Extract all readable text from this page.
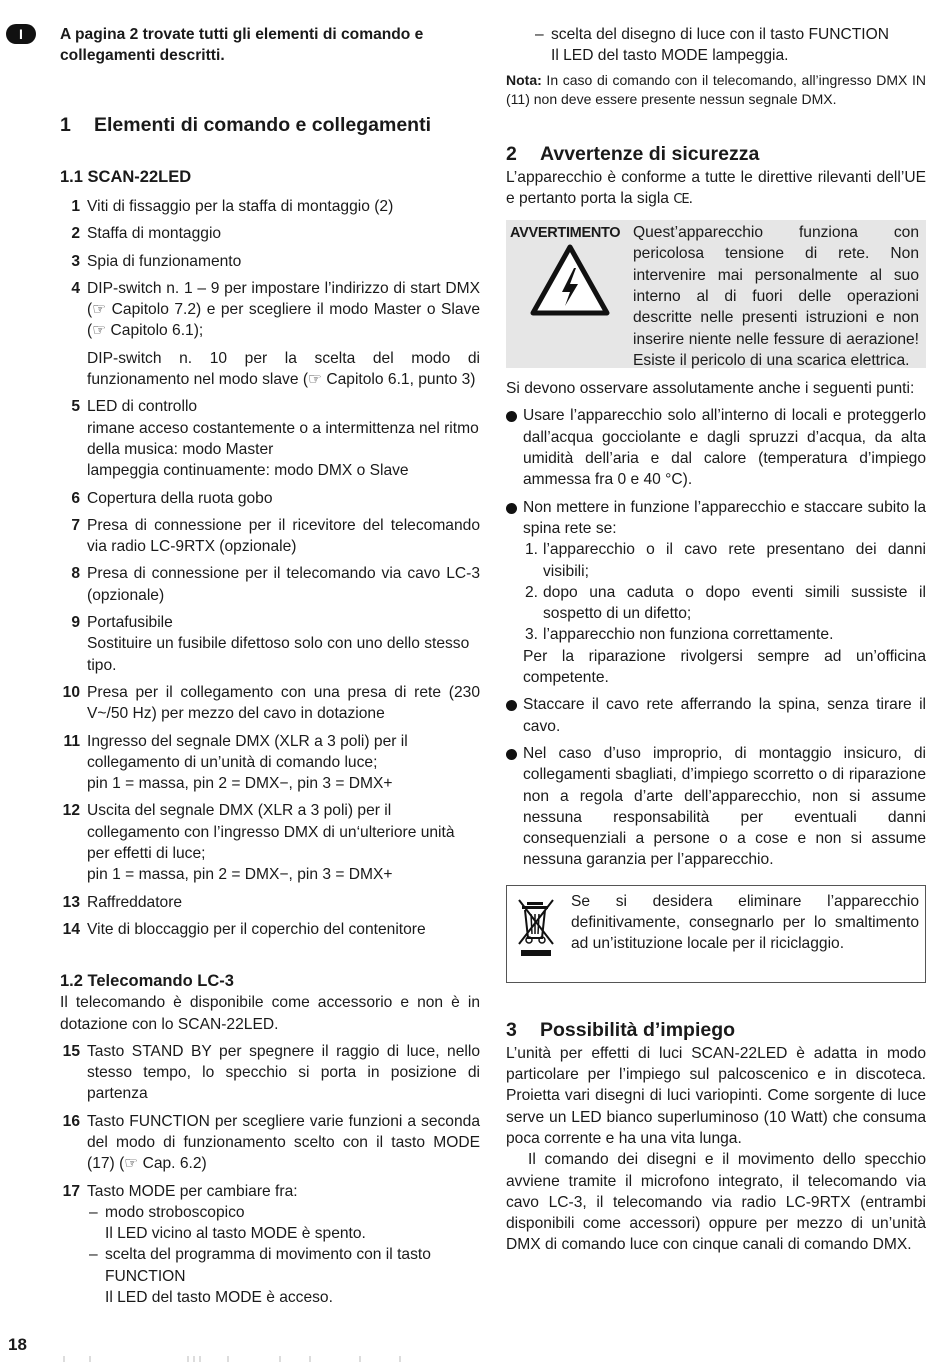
I	A pagina 2 trovate tutti gli elementi di comando e collegamenti descritti.

1 Elementi di comando e collegamenti
1.1 SCAN-22LED
1 Viti di fissaggio per la staffa di montaggio (2)

2 Staffa di montaggio

3 Spia di funzionamento

4 DIP-switch n. 1 – 9 per impostare l’indirizzo di start DMX (☞ Capitolo 7.2) e per scegliere il modo Master o Slave (☞ Capitolo 6.1);

DIP-switch n. 10 per la scelta del modo di funzionamento nel modo slave (☞ Capitolo 6.1, punto 3)

5 LED di controllo
rimane acceso costantemente o a intermittenza nel ritmo della musica: modo Master
lampeggia continuamente: modo DMX o Slave

6 Copertura della ruota gobo

7 Presa di connessione per il ricevitore del telecomando via radio LC-9RTX (opzionale)

8 Presa di connessione per il telecomando via cavo LC-3 (opzionale)

9 Portafusibile
Sostituire un fusibile difettoso solo con uno dello stesso tipo.

10 Presa per il collegamento con una presa di rete (230 V~/50 Hz) per mezzo del cavo in dotazione

11 Ingresso del segnale DMX (XLR a 3 poli) per il collegamento di un’unità di comando luce;
pin 1 = massa, pin 2 = DMX−, pin 3 = DMX+

12 Uscita del segnale DMX (XLR a 3 poli) per il collegamento con l’ingresso DMX di un‘ulteriore unità per effetti di luce;
pin 1 = massa, pin 2 = DMX−, pin 3 = DMX+

13 Raffreddatore

14 Vite di bloccaggio per il coperchio del contenitore

1.2 Telecomando LC-3

Il telecomando è disponibile come accessorio e non è in dotazione con lo SCAN-22LED.

15 Tasto STAND BY per spegnere il raggio di luce, nello stesso tempo, lo specchio si porta in posizione di partenza

16 Tasto FUNCTION per scegliere varie funzioni a seconda del modo di funzionamento scelto con il tasto MODE (17) (☞ Cap. 6.2)

17 Tasto MODE per cambiare fra:

– modo stroboscopico
Il LED vicino al tasto MODE è spento.
– scelta del programma di movimento con il tasto FUNCTION
Il LED del tasto MODE è acceso.
– scelta del disegno di luce con il tasto FUNCTION
Il LED del tasto MODE lampeggia.

Nota: In caso di comando con il telecomando, all’ingresso DMX IN (11) non deve essere presente nessun segnale DMX.

2 Avvertenze di sicurezza

L’apparecchio è conforme a tutte le direttive rilevanti dell’UE e pertanto porta la sigla CE.

AVVERTIMENTO Quest’apparecchio funziona con pericolosa tensione di rete. Non intervenire mai personalmente al suo interno al di fuori delle operazioni descritte nelle presenti istruzioni e non inserire niente nelle fessure di aerazione! Esiste il pericolo di una scarica elettrica.

Si devono osservare assolutamente anche i seguenti punti:

Usare l’apparecchio solo all’interno di locali e proteggerlo dall’acqua gocciolante e dagli spruzzi d’acqua, da alta umidità dell’aria e dal calore (temperatura d’impiego ammessa fra 0 e 40 °C).
Non mettere in funzione l’apparecchio e staccare subito la spina rete se:
1. l’apparecchio o il cavo rete presentano dei danni visibili;
2. dopo una caduta o dopo eventi simili sussiste il sospetto di un difetto;
3. l’apparecchio non funziona correttamente.
Per la riparazione rivolgersi sempre ad un’officina competente.
Staccare il cavo rete afferrando la spina, senza tirare il cavo.
Nel caso d’uso improprio, di montaggio insicuro, di collegamenti sbagliati, d’impiego scorretto o di riparazione non a regola d’arte dell’apparecchio, non si assume nessuna responsabilità per eventuali danni consequenziali a persone o a cose e non si assume nessuna garanzia per l’apparecchio.
Se si desidera eliminare l’apparecchio definitivamente, consegnarlo per lo smaltimento ad un’istituzione locale per il riciclaggio.
3 Possibilità d’impiego

L’unità per effetti di luci SCAN-22LED è adatta in modo particolare per l’impiego sul palcoscenico e in discoteca. Proietta vari disegni di luci variopinti. Come sorgente di luce serve un LED bianco superluminoso (10 Watt) che consuma poca corrente e ha una vita lunga.

Il comando dei disegni e il movimento dello specchio avviene tramite il microfono integrato, il telecomando via cavo LC-3, il telecomando via radio LC-9RTX (entrambi disponibili come accessori) oppure per mezzo di un’unità DMX di comando luce con cinque canali di comando DMX.

18
